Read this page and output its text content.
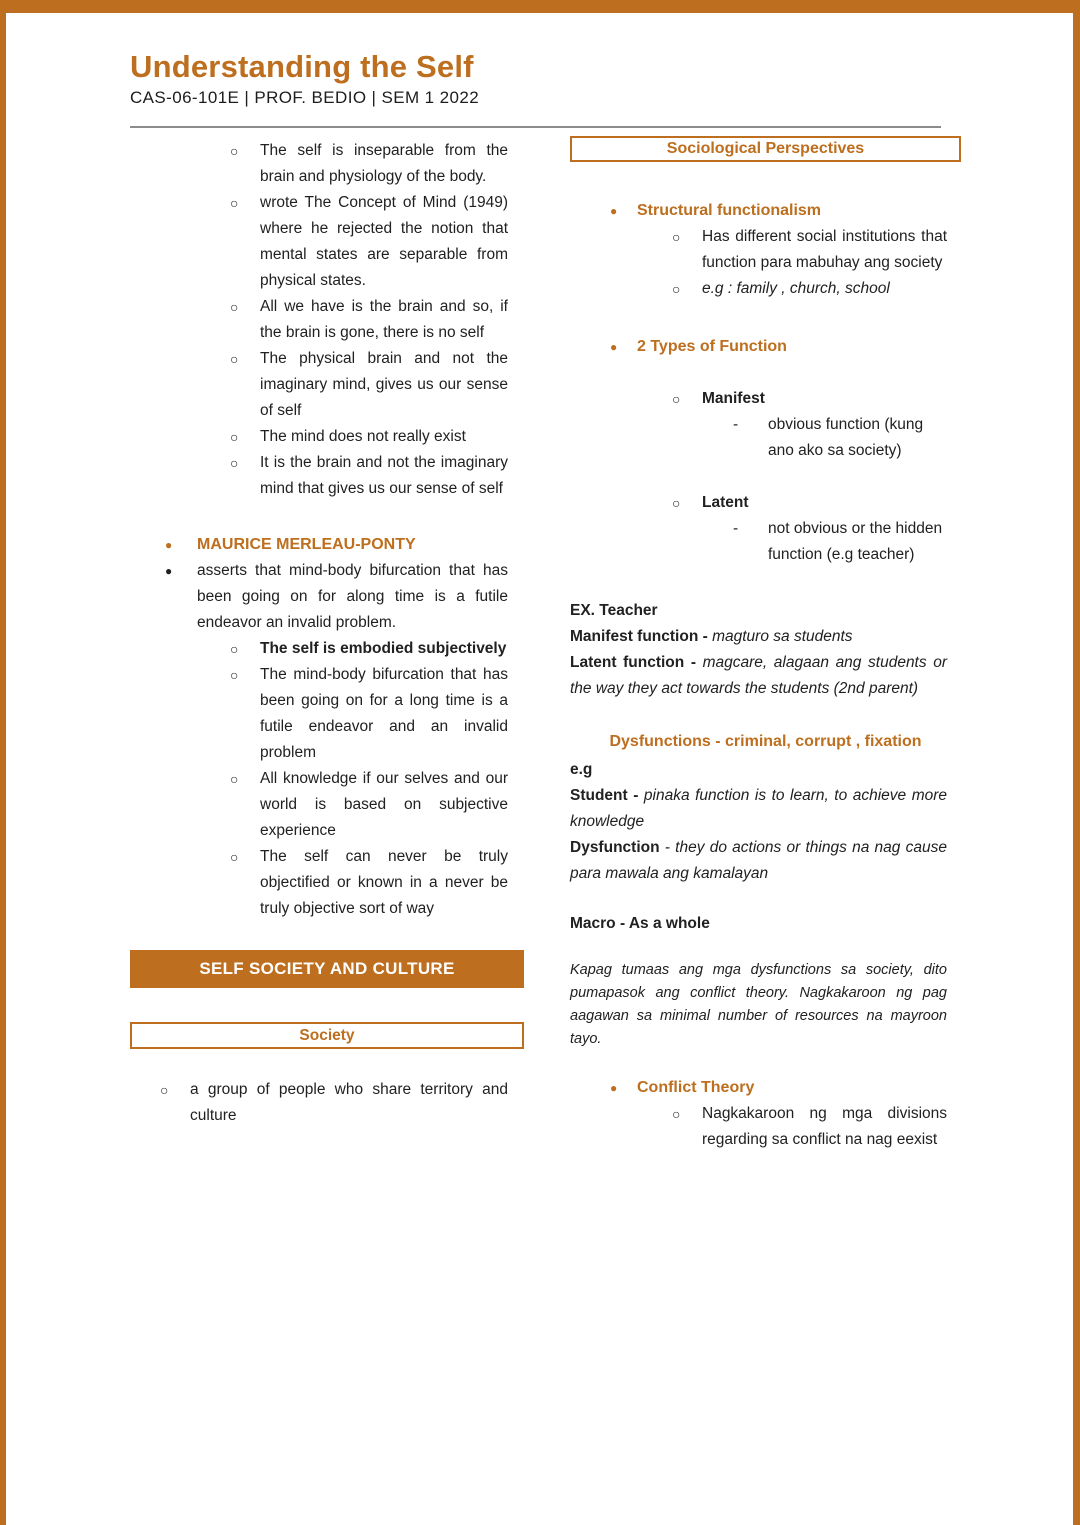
Understanding the Self
CAS-06-101E | PROF. BEDIO | SEM 1 2022
○	The self is inseparable from the brain and physiology of the body.
○	wrote The Concept of Mind (1949) where he rejected the notion that mental states are separable from physical states.
○	All we have is the brain and so, if the brain is gone, there is no self
○	The physical brain and not the imaginary mind, gives us our sense of self
○	The mind does not really exist
○	It is the brain and not the imaginary mind that gives us our sense of self
●	MAURICE MERLEAU-PONTY
●	asserts that mind-body bifurcation that has been going on for along time is a futile endeavor an invalid problem.
○	The self is embodied subjectively
○	The mind-body bifurcation that has been going on for a long time is a futile endeavor and an invalid problem
○	All knowledge if our selves and our world is based on subjective experience
○	The self can never be truly objectified or known in a never be truly objective sort of way
SELF SOCIETY AND CULTURE
Society
○	a group of people who share territory and culture
Sociological Perspectives
●	Structural functionalism
○	Has different social institutions that function para mabuhay ang society
○	e.g : family , church, school
●	2 Types of Function
○	Manifest
-	obvious function (kung ano ako sa society)
○	Latent
-	not obvious or the hidden function (e.g teacher)
EX. Teacher
Manifest function - magturo sa students
Latent function - magcare, alagaan ang students or the way they act towards the students (2nd parent)
Dysfunctions - criminal, corrupt , fixation
e.g
Student - pinaka function is to learn, to achieve more knowledge
Dysfunction - they do actions or things na nag cause para mawala ang kamalayan
Macro - As a whole
Kapag tumaas ang mga dysfunctions sa society, dito pumapasok ang conflict theory. Nagkakaroon ng pag aagawan sa minimal number of resources na mayroon tayo.
●	Conflict Theory
○	Nagkakaroon ng mga divisions regarding sa conflict na nag eexist
